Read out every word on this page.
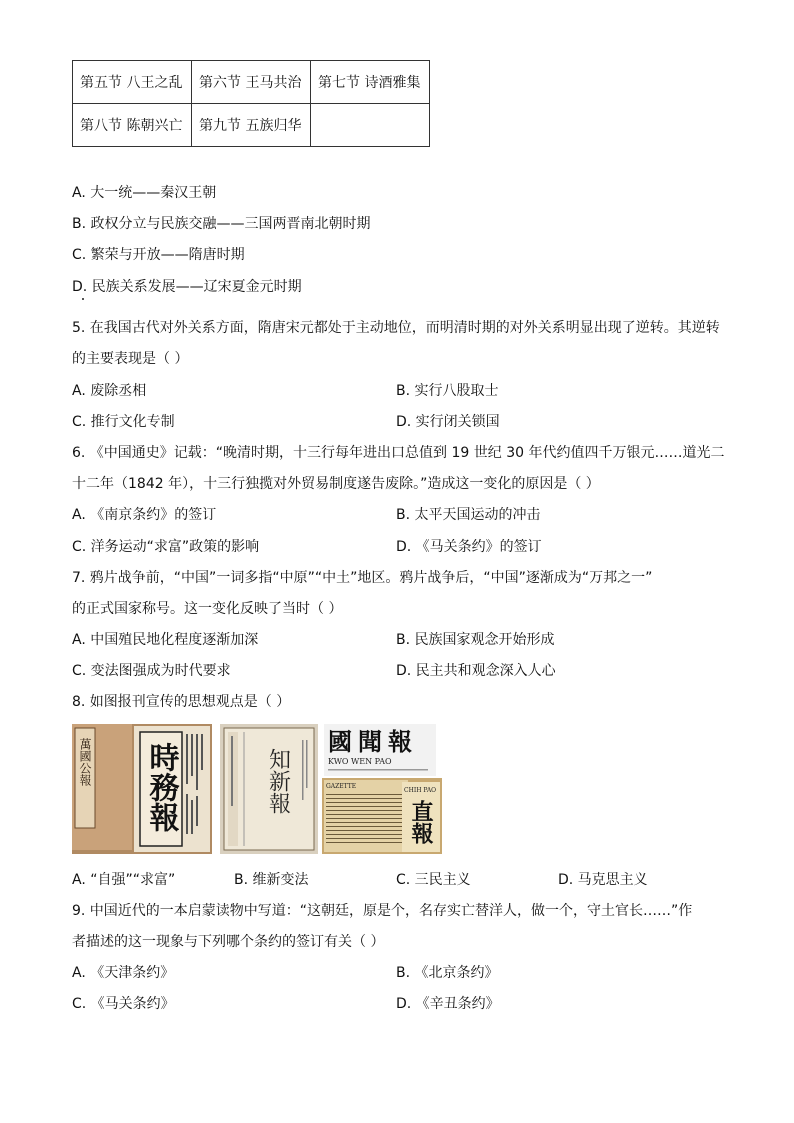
第五节 八王之乱	第六节 王马共治	第七节 诗酒雅集
第八节 陈朝兴亡	第九节 五族归华	
A. 大一统——秦汉王朝
B. 政权分立与民族交融——三国两晋南北朝时期
C. 繁荣与开放——隋唐时期
D. 民族关系发展——辽宋夏金元时期
5. 在我国古代对外关系方面，隋唐宋元都处于主动地位，而明清时期的对外关系明显出现了逆转。其逆转
的主要表现是（ ）
A. 废除丞相	B. 实行八股取士
C. 推行文化专制	D. 实行闭关锁国
6. 《中国通史》记载：“晚清时期，十三行每年进出口总值到 19 世纪 30 年代约值四千万银元……道光二
十二年（1842 年），十三行独揽对外贸易制度遂告废除。”造成这一变化的原因是（ ）
A. 《南京条约》的签订	B. 太平天国运动的冲击
C. 洋务运动“求富”政策的影响	D. 《马关条约》的签订
7. 鸦片战争前，“中国”一词多指“中原”“中土”地区。鸦片战争后，“中国”逐渐成为“万邦之一”
的正式国家称号。这一变化反映了当时（ ）
A. 中国殖民地化程度逐渐加深	B. 民族国家观念开始形成
C. 变法图强成为时代要求	D. 民主共和观念深入人心
8. 如图报刊宣传的思想观点是（ ）
萬國公報 時務報	知新報
國聞報
KWO WEN PAO
GAZETTE
CHIH PAO
直報
A. “自强”“求富”	B. 维新变法	C. 三民主义	D. 马克思主义
9. 中国近代的一本启蒙读物中写道：“这朝廷，原是个，名存实亡替洋人，做一个，守土官长……”作
者描述的这一现象与下列哪个条约的签订有关（ ）
A. 《天津条约》	B. 《北京条约》
C. 《马关条约》	D. 《辛丑条约》
